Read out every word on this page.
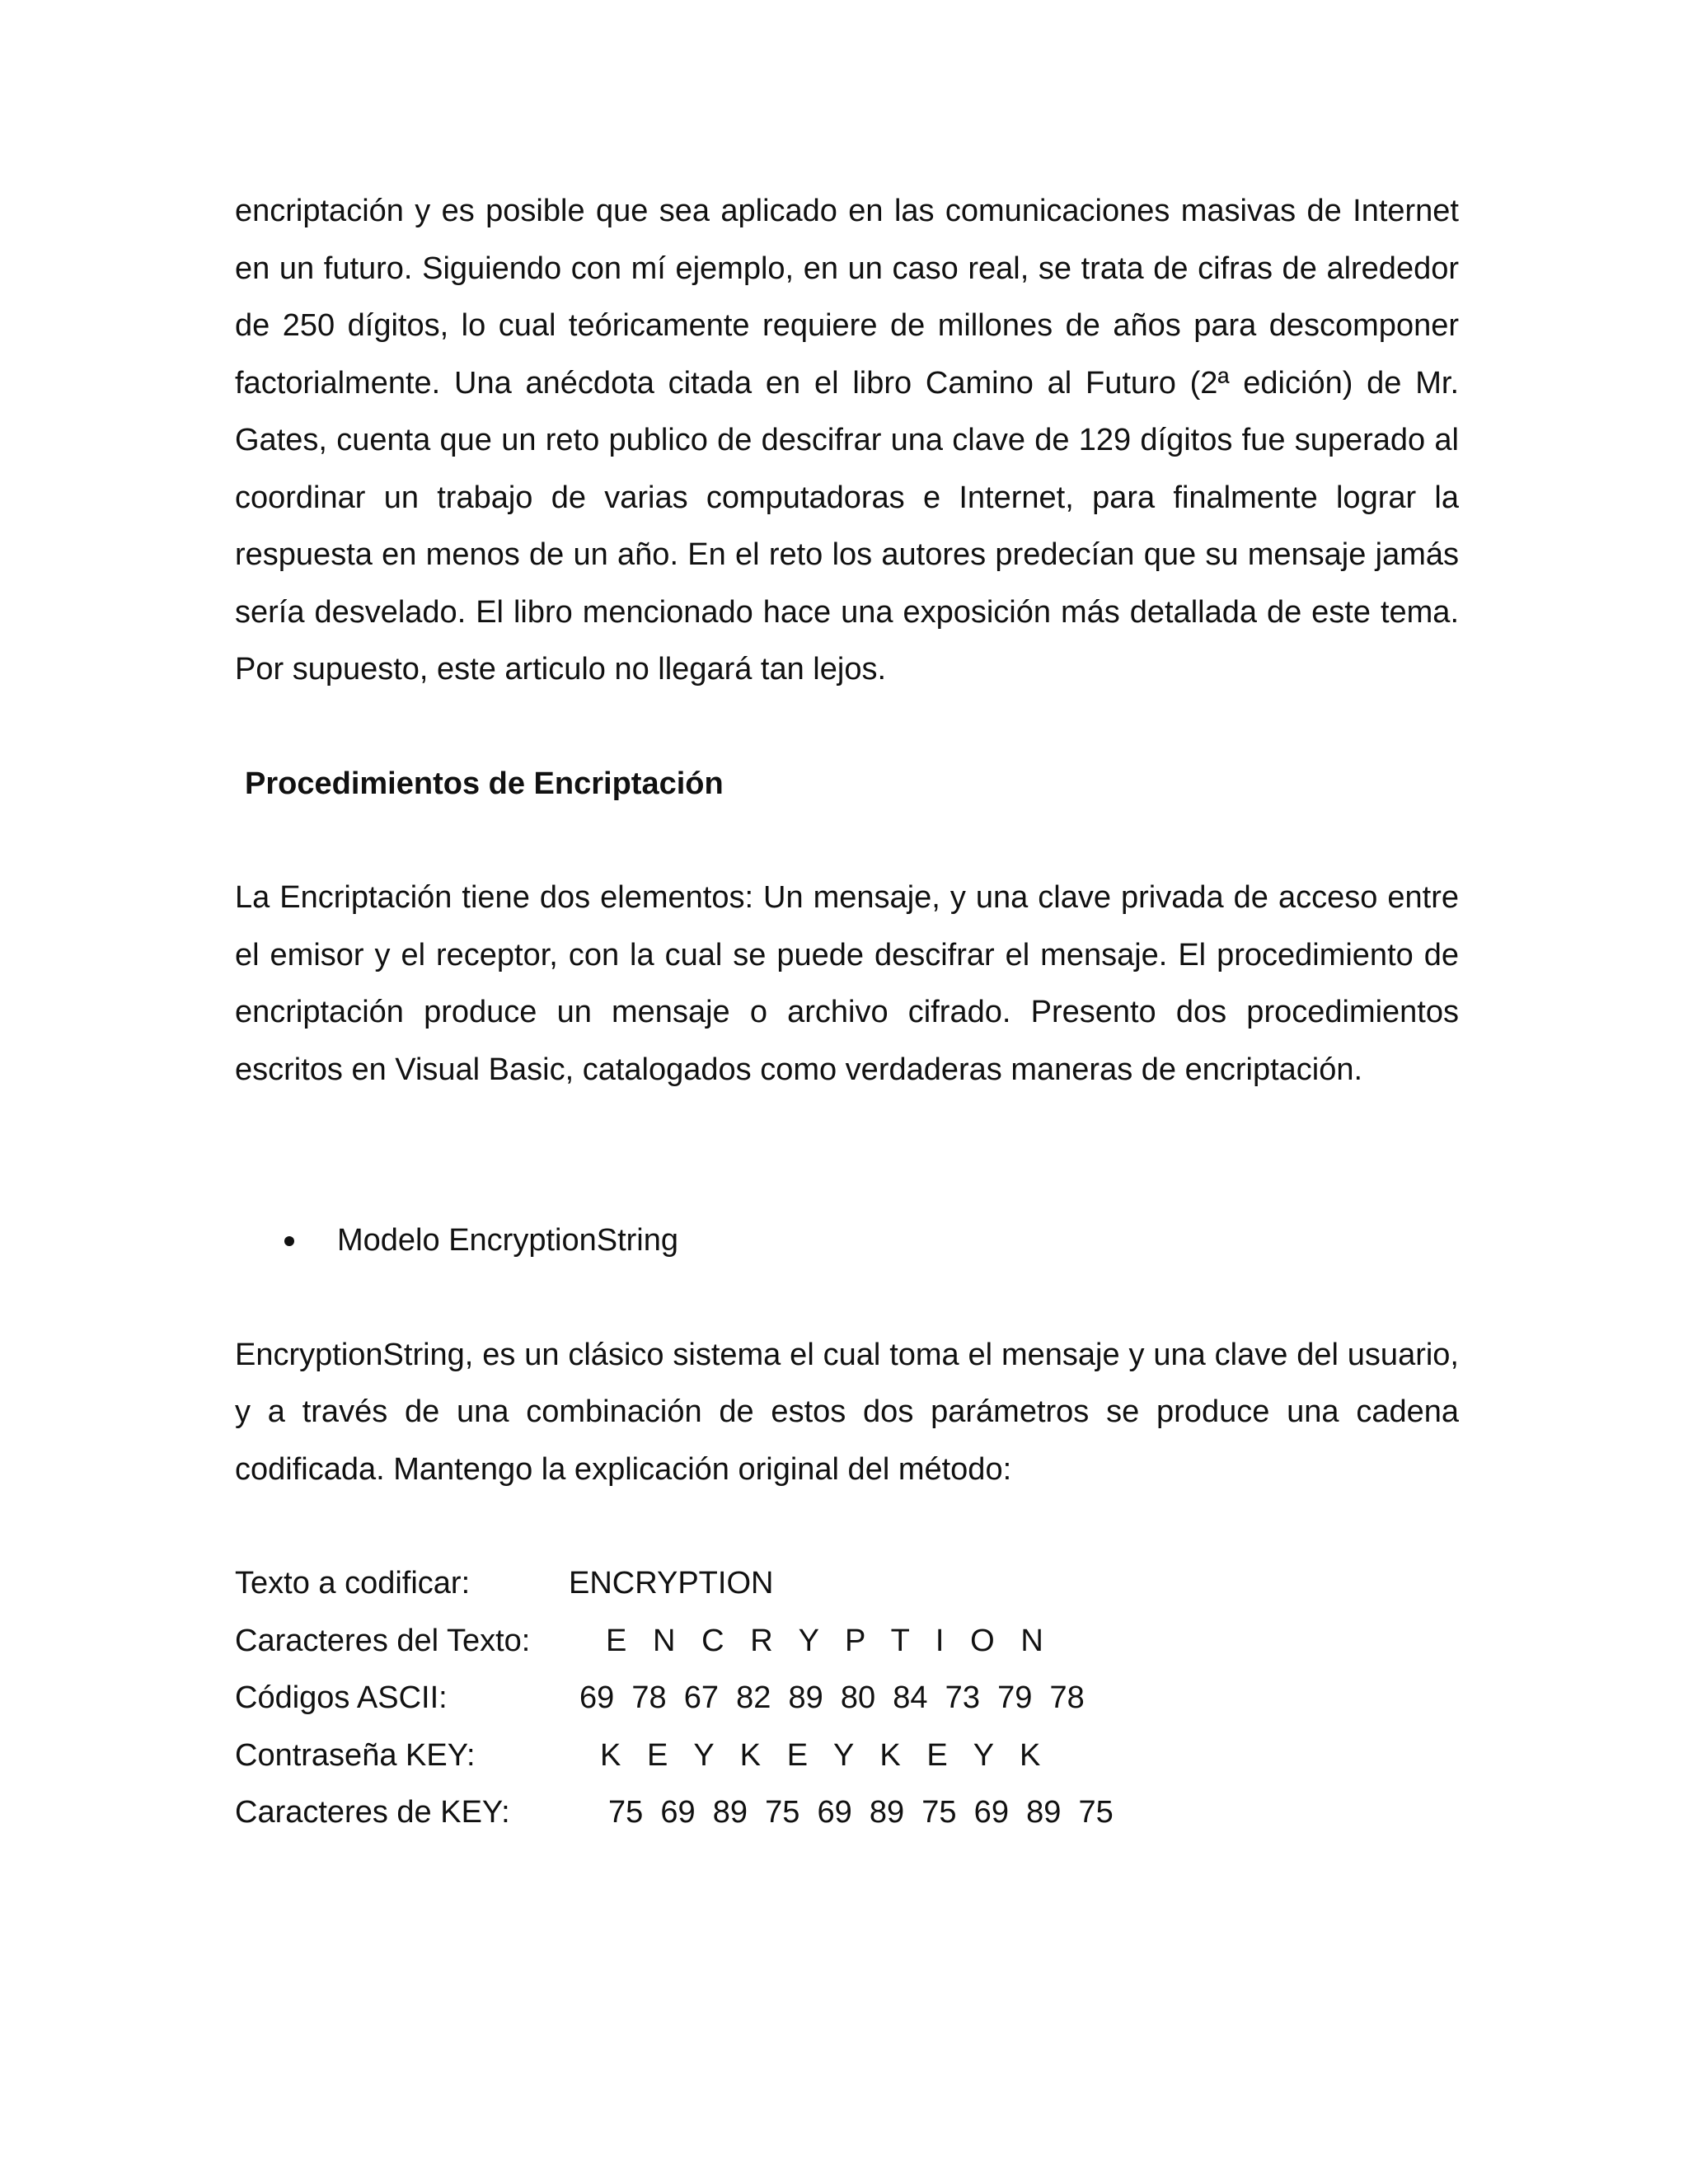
encriptación y es posible que sea aplicado en las comunicaciones masivas de Internet en un futuro. Siguiendo con mí ejemplo, en un caso real, se trata de cifras de alrededor de 250 dígitos, lo cual teóricamente requiere de millones de años para descomponer factorialmente. Una anécdota citada en el libro Camino al Futuro (2ª edición) de Mr. Gates, cuenta que un reto publico de descifrar una clave de 129 dígitos fue superado al coordinar un trabajo de varias computadoras e Internet, para finalmente lograr la respuesta en menos de un año. En el reto los autores predecían que su mensaje jamás sería desvelado. El libro mencionado hace una exposición más detallada de este tema. Por supuesto, este articulo no llegará tan lejos.

Procedimientos de Encriptación

La Encriptación tiene dos elementos: Un mensaje, y una clave privada de acceso entre el emisor y el receptor, con la cual se puede descifrar el mensaje. El procedimiento de encriptación produce un mensaje o archivo cifrado. Presento dos procedimientos escritos en Visual Basic, catalogados como verdaderas maneras de encriptación.

Modelo EncryptionString

EncryptionString, es un clásico sistema el cual toma el mensaje y una clave del usuario, y a través de una combinación de estos dos parámetros se produce una cadena codificada. Mantengo la explicación original del método:

Texto a codificar:	ENCRYPTION
Caracteres del Texto:	E   N   C   R   Y   P   T   I   O   N
Códigos ASCII:	69  78  67  82  89  80  84  73  79  78
Contraseña KEY:	K   E   Y   K   E   Y   K   E   Y   K
Caracteres de KEY:	75  69  89  75  69  89  75  69  89  75
